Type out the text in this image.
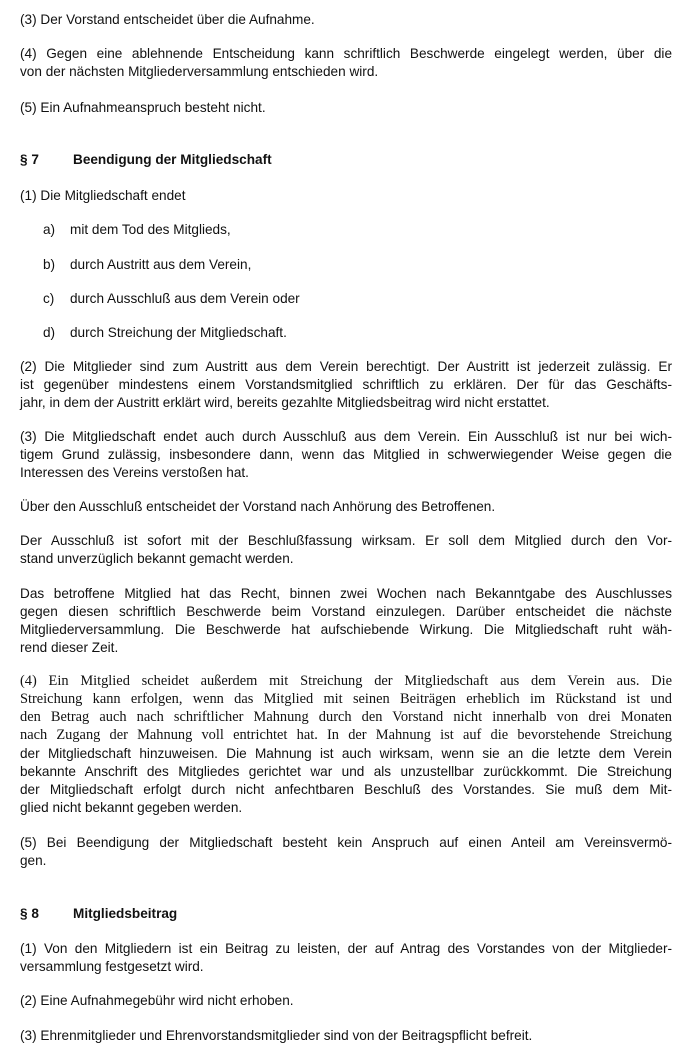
(3) Der Vorstand entscheidet über die Aufnahme.

(4) Gegen eine ablehnende Entscheidung kann schriftlich Beschwerde eingelegt werden, über die

von der nächsten Mitgliederversammlung entschieden wird.

(5) Ein Aufnahmeanspruch besteht nicht.

§ 7	Beendigung der Mitgliedschaft

(1) Die Mitgliedschaft endet

a) mit dem Tod des Mitglieds,
b) durch Austritt aus dem Verein,
c) durch Ausschluß aus dem Verein oder
d) durch Streichung der Mitgliedschaft.

(2) Die Mitglieder sind zum Austritt aus dem Verein berechtigt. Der Austritt ist jederzeit zulässig. Er

ist gegenüber mindestens einem Vorstandsmitglied schriftlich zu erklären. Der für das Geschäfts-

jahr, in dem der Austritt erklärt wird, bereits gezahlte Mitgliedsbeitrag wird nicht erstattet.

(3) Die Mitgliedschaft endet auch durch Ausschluß aus dem Verein. Ein Ausschluß ist nur bei wich-

tigem Grund zulässig, insbesondere dann, wenn das Mitglied in schwerwiegender Weise gegen die

Interessen des Vereins verstoßen hat.

Über den Ausschluß entscheidet der Vorstand nach Anhörung des Betroffenen.

Der Ausschluß ist sofort mit der Beschlußfassung wirksam. Er soll dem Mitglied durch den Vor-

stand unverzüglich bekannt gemacht werden.

Das betroffene Mitglied hat das Recht, binnen zwei Wochen nach Bekanntgabe des Auschlusses

gegen diesen schriftlich Beschwerde beim Vorstand einzulegen. Darüber entscheidet die nächste

Mitgliederversammlung. Die Beschwerde hat aufschiebende Wirkung. Die Mitgliedschaft ruht wäh-

rend dieser Zeit.

(4) Ein Mitglied scheidet außerdem mit Streichung der Mitgliedschaft aus dem Verein aus. Die

Streichung kann erfolgen, wenn das Mitglied mit seinen Beiträgen erheblich im Rückstand ist und

den Betrag auch nach schriftlicher Mahnung durch den Vorstand nicht innerhalb von drei Monaten

nach Zugang der Mahnung voll entrichtet hat. In der Mahnung ist auf die bevorstehende Streichung

der Mitgliedschaft hinzuweisen. Die Mahnung ist auch wirksam, wenn sie an die letzte dem Verein

bekannte Anschrift des Mitgliedes gerichtet war und als unzustellbar zurückkommt. Die Streichung

der Mitgliedschaft erfolgt durch nicht anfechtbaren Beschluß des Vorstandes. Sie muß dem Mit-

glied nicht bekannt gegeben werden.

(5) Bei Beendigung der Mitgliedschaft besteht kein Anspruch auf einen Anteil am Vereinsvermö-

gen.

§ 8	Mitgliedsbeitrag

(1) Von den Mitgliedern ist ein Beitrag zu leisten, der auf Antrag des Vorstandes von der Mitglieder-

versammlung festgesetzt wird.

(2) Eine Aufnahmegebühr wird nicht erhoben.

(3) Ehrenmitglieder und Ehrenvorstandsmitglieder sind von der Beitragspflicht befreit.
